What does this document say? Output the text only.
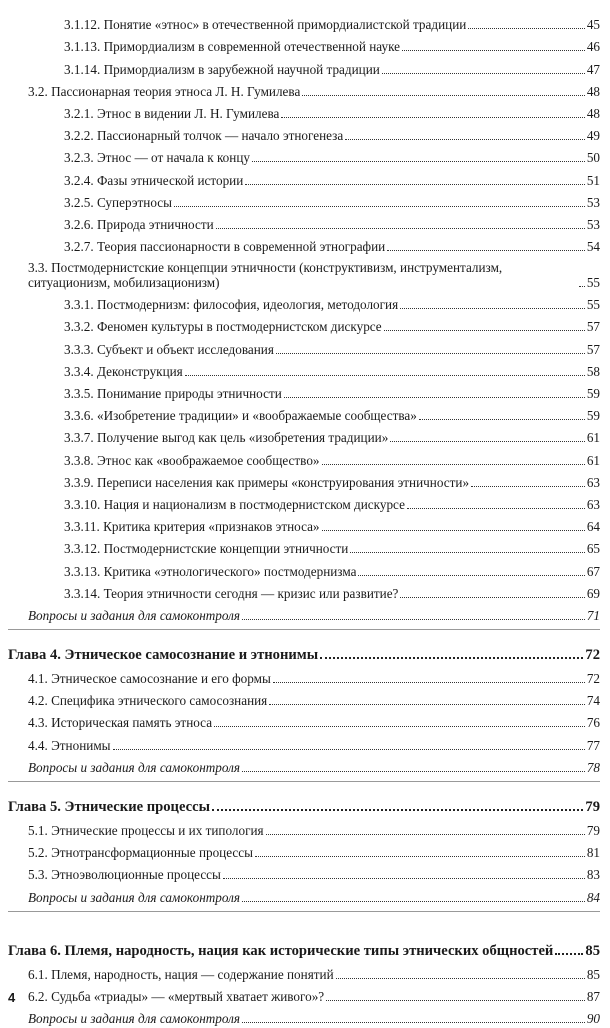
3.1.12. Понятие «этнос» в отечественной примордиалистской традиции	45
3.1.13. Примордиализм в современной отечественной науке	46
3.1.14. Примордиализм в зарубежной научной традиции	47
3.2. Пассионарная теория этноса Л. Н. Гумилева	48
3.2.1. Этнос в видении Л. Н. Гумилева	48
3.2.2. Пассионарный толчок — начало этногенеза	49
3.2.3. Этнос — от начала к концу	50
3.2.4. Фазы этнической истории	51
3.2.5. Суперэтносы	53
3.2.6. Природа этничности	53
3.2.7. Теория пассионарности в современной этнографии	54
3.3. Постмодернистские концепции этничности (конструктивизм, инструментализм, ситуационизм, мобилизационизм)	55
3.3.1. Постмодернизм: философия, идеология, методология	55
3.3.2. Феномен культуры в постмодернистском дискурсе	57
3.3.3. Субъект и объект исследования	57
3.3.4. Деконструкция	58
3.3.5. Понимание природы этничности	59
3.3.6. «Изобретение традиции» и «воображаемые сообщества»	59
3.3.7. Получение выгод как цель «изобретения традиции»	61
3.3.8. Этнос как «воображаемое сообщество»	61
3.3.9. Переписи населения как примеры «конструирования этничности»	63
3.3.10. Нация и национализм в постмодернистском дискурсе	63
3.3.11. Критика критерия «признаков этноса»	64
3.3.12. Постмодернистские концепции этничности	65
3.3.13. Критика «этнологического» постмодернизма	67
3.3.14. Теория этничности сегодня — кризис или развитие?	69
Вопросы и задания для самоконтроля	71
Глава 4. Этническое самосознание и этнонимы	72
4.1. Этническое самосознание и его формы	72
4.2. Специфика этнического самосознания	74
4.3. Историческая память этноса	76
4.4. Этнонимы	77
Вопросы и задания для самоконтроля	78
Глава 5. Этнические процессы	79
5.1. Этнические процессы и их типология	79
5.2. Этнотрансформационные процессы	81
5.3. Этноэволюционные процессы	83
Вопросы и задания для самоконтроля	84
Глава 6. Племя, народность, нация как исторические типы этнических общностей 85
6.1. Племя, народность, нация — содержание понятий	85
6.2. Судьба «триады» — «мертвый хватает живого»?	87
Вопросы и задания для самоконтроля	90
4
